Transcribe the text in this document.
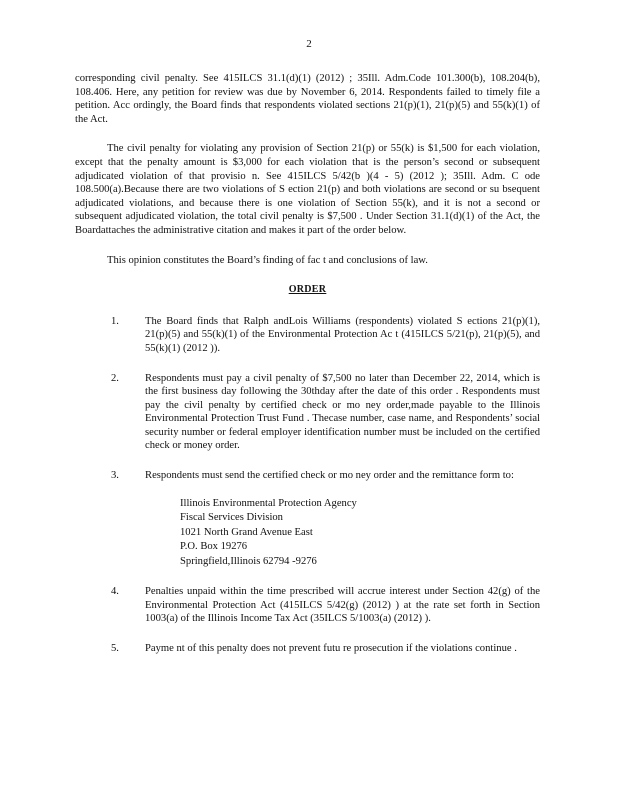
2

corresponding civil penalty. See 415ILCS 31.1(d)(1) (2012) ; 35Ill. Adm.Code 101.300(b), 108.204(b), 108.406. Here, any petition for review was due by November 6, 2014. Respondents failed to timely file a petition. Acc ordingly, the Board finds that respondents violated sections 21(p)(1), 21(p)(5) and 55(k)(1) of the Act.

The civil penalty for violating any provision of Section 21(p) or 55(k) is $1,500 for each violation, except that the penalty amount is $3,000 for each violation that is the person’s second or subsequent adjudicated violation of that provisio n. See 415ILCS 5/42(b )(4 - 5) (2012 ); 35Ill. Adm. C ode 108.500(a).Because there are two violations of S ection 21(p) and both violations are second or su bsequent adjudicated violations, and because there is one violation of Section 55(k), and it is not a second or subsequent adjudicated violation, the total civil penalty is $7,500 . Under Section 31.1(d)(1) of the Act, the Boardattaches the administrative citation and makes it part of the order below.

This opinion constitutes the Board’s finding of fac t and conclusions of law.

ORDER
1. The Board finds that Ralph andLois Williams (respondents) violated S ections 21(p)(1), 21(p)(5) and 55(k)(1) of the Environmental Protection Ac t (415ILCS 5/21(p), 21(p)(5), and 55(k)(1) (2012 )).
2. Respondents must pay a civil penalty of $7,500 no later than December 22, 2014, which is the first business day following the 30thday after the date of this order . Respondents must pay the civil penalty by certified check or mo ney order,made payable to the Illinois Environmental Protection Trust Fund . Thecase number, case name, and Respondents’ social security number or federal employer identification number must be included on the certified check or money order.
3. Respondents must send the certified check or mo ney order and the remittance form to:
Illinois Environmental Protection Agency
Fiscal Services Division
1021 North Grand Avenue East
P.O. Box 19276
Springfield,Illinois 62794 -9276
4. Penalties unpaid within the time prescribed will accrue interest under Section 42(g) of the Environmental Protection Act (415ILCS 5/42(g) (2012) ) at the rate set forth in Section 1003(a) of the Illinois Income Tax Act (35ILCS 5/1003(a) (2012) ).
5. Payme nt of this penalty does not prevent futu re prosecution if the violations continue .
